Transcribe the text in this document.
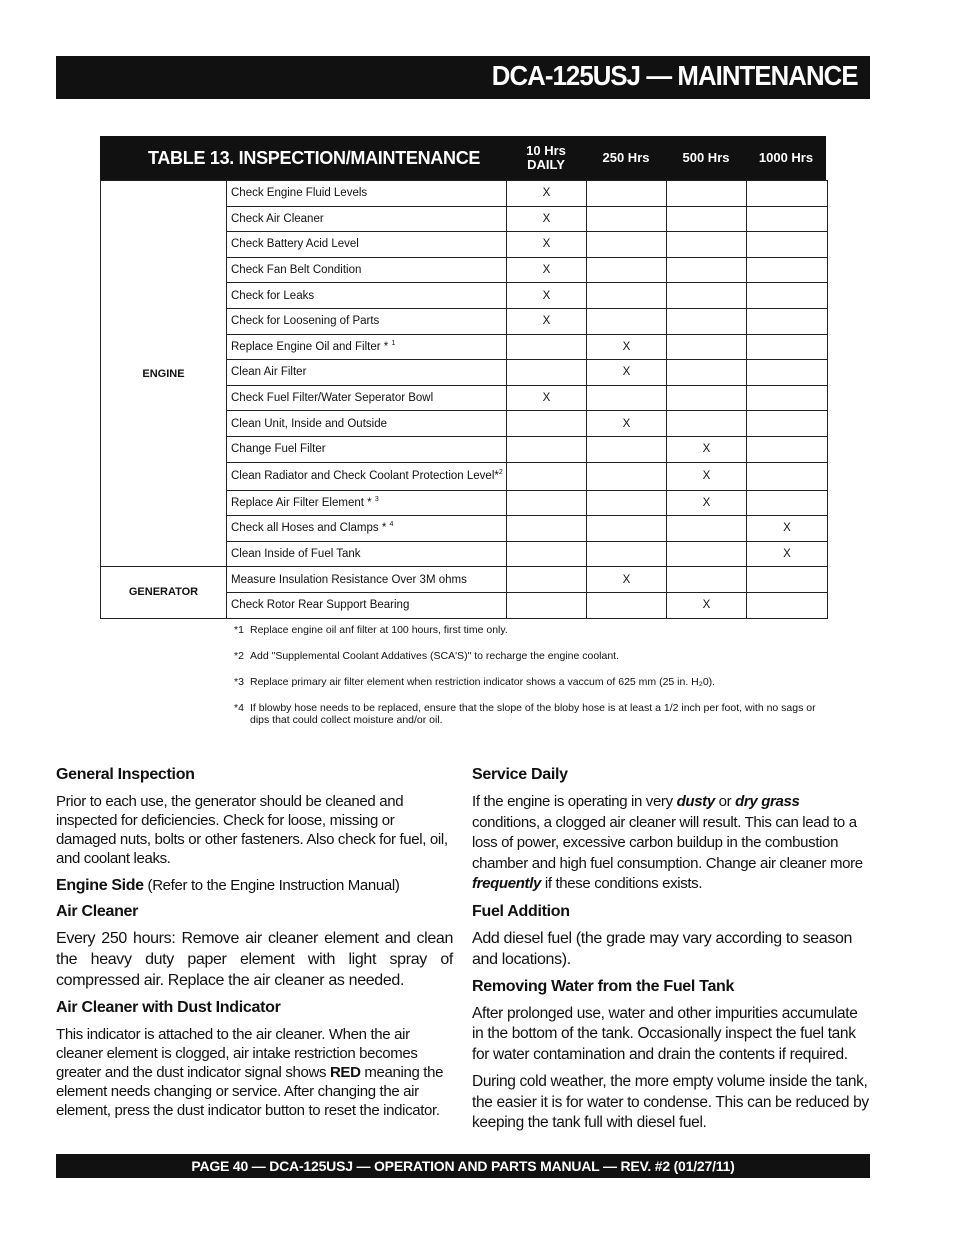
DCA-125USJ — MAINTENANCE
TABLE 13. INSPECTION/MAINTENANCE	10 Hrs
DAILY	250 Hrs	500 Hrs 1000 Hrs
ENGINE	Check Engine Fluid Levels	X			
	Check Air Cleaner	X			
	Check Battery Acid Level	X			
	Check Fan Belt Condition	X			
	Check for Leaks	X			
	Check for Loosening of Parts	X			
	Replace Engine Oil and Filter * $^1$		X		
	Clean Air Filter		X		
	Check Fuel Filter/Water Seperator Bowl	X			
	Clean Unit, Inside and Outside		X		
	Change Fuel Filter			X	
	Clean Radiator and Check Coolant Protection Level*$^2$			X	
	Replace Air Filter Element * $^3$			X	
	Check all Hoses and Clamps * $^4$				X
	Clean Inside of Fuel Tank				X
GENERATOR	Measure Insulation Resistance Over 3M ohms		X		
	Check Rotor Rear Support Bearing			X	
*1 Replace engine oil anf filter at 100 hours, first time only.
*2 Add "Supplemental Coolant Addatives (SCA'S)" to recharge the engine coolant.
*3 Replace primary air filter element when restriction indicator shows a vaccum of 625 mm (25 in. H₂0).
*4 If blowby hose needs to be replaced, ensure that the slope of the bloby hose is at least a 1/2 inch per foot, with no sags or dips that could collect moisture and/or oil.

General Inspection

Prior to each use, the generator should be cleaned and inspected for deficiencies. Check for loose, missing or damaged nuts, bolts or other fasteners. Also check for fuel, oil, and coolant leaks.

Engine Side (Refer to the Engine Instruction Manual)

Air Cleaner

Every 250 hours: Remove air cleaner element and clean the heavy duty paper element with light spray of compressed air. Replace the air cleaner as needed.

Air Cleaner with Dust Indicator

This indicator is attached to the air cleaner. When the air cleaner element is clogged, air intake restriction becomes greater and the dust indicator signal shows RED meaning the element needs changing or service. After changing the air element, press the dust indicator button to reset the indicator.

Service Daily

If the engine is operating in very dusty or dry grass conditions, a clogged air cleaner will result. This can lead to a loss of power, excessive carbon buildup in the combustion chamber and high fuel consumption. Change air cleaner more frequently if these conditions exists.

Fuel Addition

Add diesel fuel (the grade may vary according to season and locations).

Removing Water from the Fuel Tank

After prolonged use, water and other impurities accumulate in the bottom of the tank. Occasionally inspect the fuel tank for water contamination and drain the contents if required.

During cold weather, the more empty volume inside the tank, the easier it is for water to condense. This can be reduced by keeping the tank full with diesel fuel.

PAGE 40 — DCA-125USJ — OPERATION AND PARTS MANUAL — REV. #2 (01/27/11)
